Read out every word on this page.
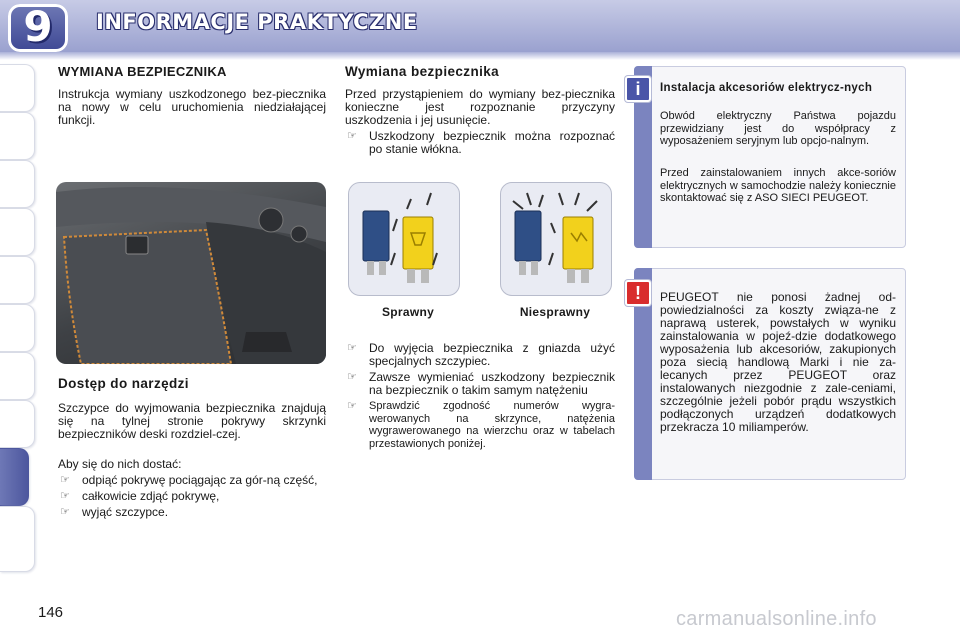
9	INFORMACJE PRAKTYCZNE
WYMIANA BEZPIECZNIKA
Instrukcja wymiany uszkodzonego bez-piecznika na nowy w celu uruchomienia niedziałającej funkcji.
Dostęp do narzędzi
Szczypce do wyjmowania bezpiecznika znajdują się na tylnej stronie pokrywy skrzynki bezpieczników deski rozdziel-czej.
Aby się do nich dostać:
☞ odpiąć pokrywę pociągając za gór-ną część,
☞ całkowicie zdjąć pokrywę,
☞ wyjąć szczypce.
Wymiana bezpiecznika
Przed przystąpieniem do wymiany bez-piecznika konieczne jest rozpoznanie przyczyny uszkodzenia i jej usunięcie.
☞ Uszkodzony bezpiecznik można rozpoznać po stanie włókna.
Sprawny	Niesprawny
☞ Do wyjęcia bezpiecznika z gniazda użyć specjalnych szczypiec.
☞ Zawsze wymieniać uszkodzony bezpiecznik na bezpiecznik o takim samym natężeniu
☞ Sprawdzić zgodność numerów wygra-werowanych na skrzynce, natężenia wygrawerowanego na wierzchu oraz w tabelach przestawionych poniżej.
i	Instalacja akcesoriów elektrycz-nych
Obwód elektryczny Państwa pojazdu przewidziany jest do współpracy z wyposażeniem seryjnym lub opcjo-nalnym.
Przed zainstalowaniem innych akce-soriów elektrycznych w samochodzie należy koniecznie skontaktować się z ASO SIECI PEUGEOT.
!	PEUGEOT nie ponosi żadnej od-powiedzialności za koszty związa-ne z naprawą usterek, powstałych w wyniku zainstalowania w pojeź-dzie dodatkowego wyposażenia lub akcesoriów, zakupionych poza siecią handlową Marki i nie za-lecanych przez PEUGEOT oraz instalowanych niezgodnie z zale-ceniami, szczególnie jeżeli pobór prądu wszystkich podłączonych urządzeń dodatkowych przekracza 10 miliamperów.
146	carmanualsonline.info
